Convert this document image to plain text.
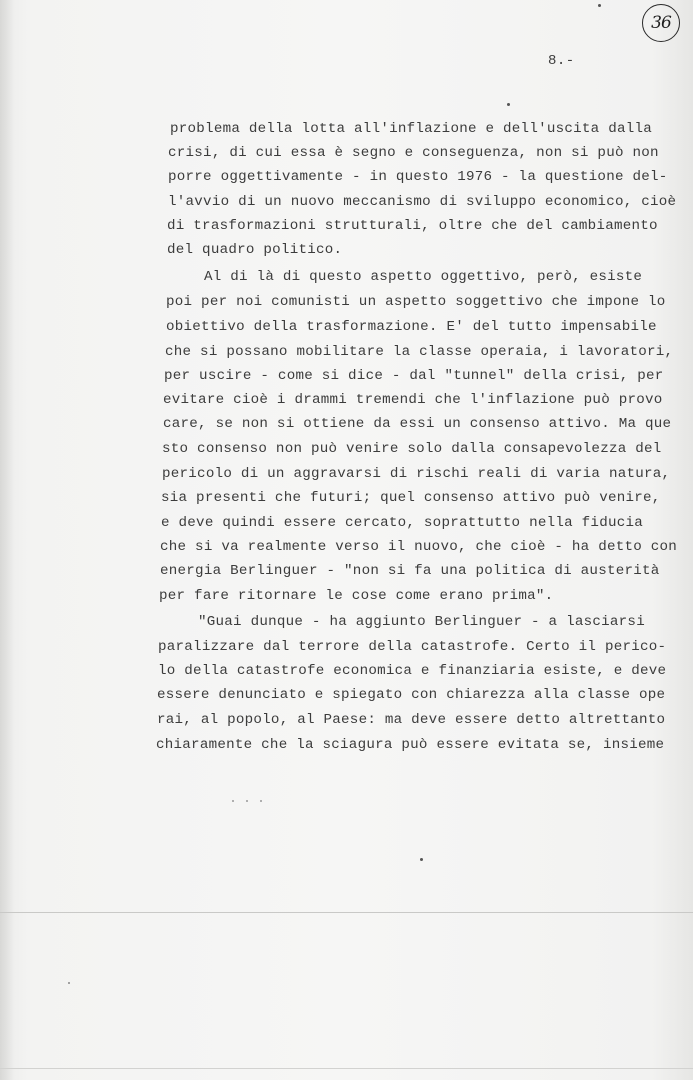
36
8.-
problema della lotta all'inflazione e dell'uscita dalla
crisi, di cui essa è segno e conseguenza, non si può non
porre oggettivamente - in questo 1976 - la questione del-
l'avvio di un nuovo meccanismo di sviluppo economico, cioè
di trasformazioni strutturali, oltre che del cambiamento
del quadro politico.
Al di là di questo aspetto oggettivo, però, esiste
poi per noi comunisti un aspetto soggettivo che impone lo
obiettivo della trasformazione. E' del tutto impensabile
che si possano mobilitare la classe operaia, i lavoratori,
per uscire - come si dice - dal "tunnel" della crisi, per
evitare cioè i drammi tremendi che l'inflazione può provo
care, se non si ottiene da essi un consenso attivo. Ma que
sto consenso non può venire solo dalla consapevolezza del
pericolo di un aggravarsi di rischi reali di varia natura,
sia presenti che futuri; quel consenso attivo può venire,
e deve quindi essere cercato, soprattutto nella fiducia
che si va realmente verso il nuovo, che cioè - ha detto con
energia Berlinguer - "non si fa una politica di austerità
per fare ritornare le cose come erano prima".
"Guai dunque - ha aggiunto Berlinguer - a lasciarsi
paralizzare dal terrore della catastrofe. Certo il perico-
lo della catastrofe economica e finanziaria esiste, e deve
essere denunciato e spiegato con chiarezza alla classe ope
rai, al popolo, al Paese: ma deve essere detto altrettanto
chiaramente che la sciagura può essere evitata se, insieme
